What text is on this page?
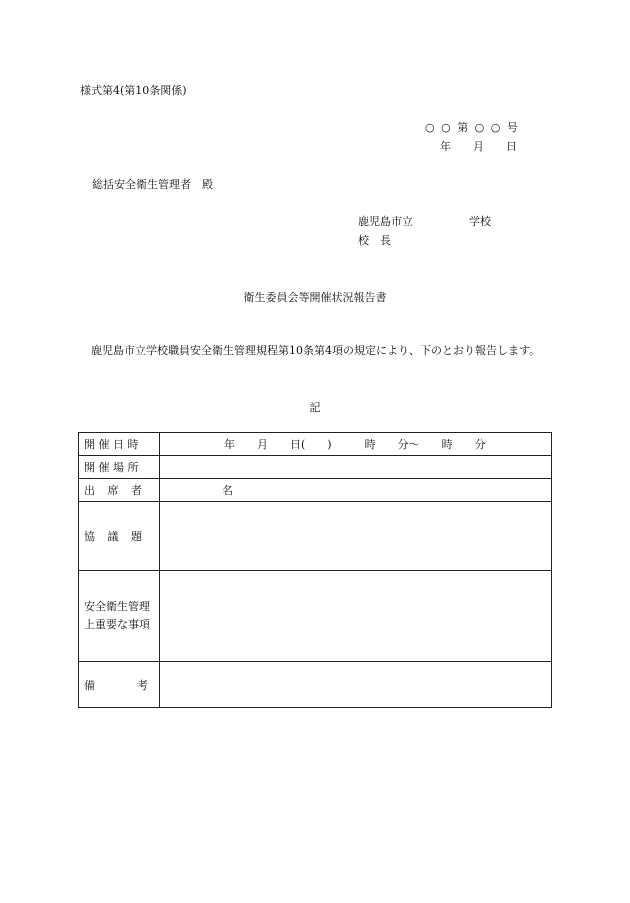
様式第4(第10条関係)
○ ○ 第 ○ ○ 号
年　　月　　日
総括安全衛生管理者　殿
鹿児島市立	学校
校　長
衛生委員会等開催状況報告書
鹿児島市立学校職員安全衛生管理規程第10条第4項の規定により、下のとおり報告します。
記
開 催 日 時	年　　月　　日(　　)　　　時　　分〜　　時　　分
開 催 場 所	

出 席 者	名

協 議 題	

安全衛生管理上重要な事項	

備 考	
